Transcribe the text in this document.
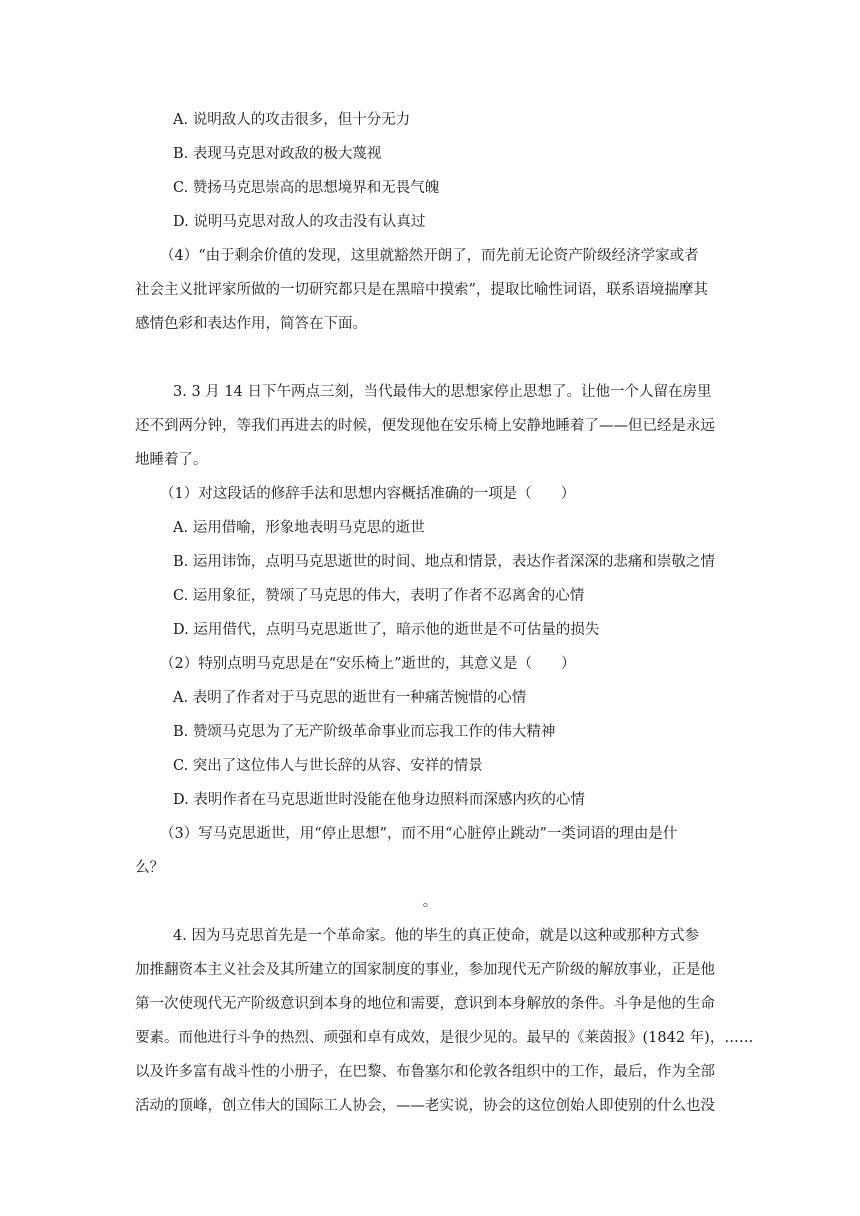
A. 说明敌人的攻击很多，但十分无力
B. 表现马克思对政敌的极大蔑视
C. 赞扬马克思崇高的思想境界和无畏气魄
D. 说明马克思对敌人的攻击没有认真过
（4）“由于剩余价值的发现，这里就豁然开朗了，而先前无论资产阶级经济学家或者
社会主义批评家所做的一切研究都只是在黑暗中摸索”，提取比喻性词语，联系语境揣摩其
感情色彩和表达作用，简答在下面。
3. 3 月 14 日下午两点三刻，当代最伟大的思想家停止思想了。让他一个人留在房里
还不到两分钟，等我们再进去的时候，便发现他在安乐椅上安静地睡着了——但已经是永远
地睡着了。
（1）对这段话的修辞手法和思想内容概括准确的一项是（　　）
A. 运用借喻，形象地表明马克思的逝世
B. 运用讳饰，点明马克思逝世的时间、地点和情景，表达作者深深的悲痛和崇敬之情
C. 运用象征，赞颂了马克思的伟大，表明了作者不忍离舍的心情
D. 运用借代，点明马克思逝世了，暗示他的逝世是不可估量的损失
（2）特别点明马克思是在“安乐椅上”逝世的，其意义是（　　）
A. 表明了作者对于马克思的逝世有一种痛苦惋惜的心情
B. 赞颂马克思为了无产阶级革命事业而忘我工作的伟大精神
C. 突出了这位伟人与世长辞的从容、安祥的情景
D. 表明作者在马克思逝世时没能在他身边照料而深感内疚的心情
（3）写马克思逝世，用“停止思想”，而不用“心脏停止跳动”一类词语的理由是什
么？
。
4. 因为马克思首先是一个革命家。他的毕生的真正使命，就是以这种或那种方式参
加推翻资本主义社会及其所建立的国家制度的事业，参加现代无产阶级的解放事业，正是他
第一次使现代无产阶级意识到本身的地位和需要，意识到本身解放的条件。斗争是他的生命
要素。而他进行斗争的热烈、顽强和卓有成效，是很少见的。最早的《莱茵报》(1842 年)，……
以及许多富有战斗性的小册子，在巴黎、布鲁塞尔和伦敦各组织中的工作，最后，作为全部
活动的顶峰，创立伟大的国际工人协会，——老实说，协会的这位创始人即使别的什么也没
